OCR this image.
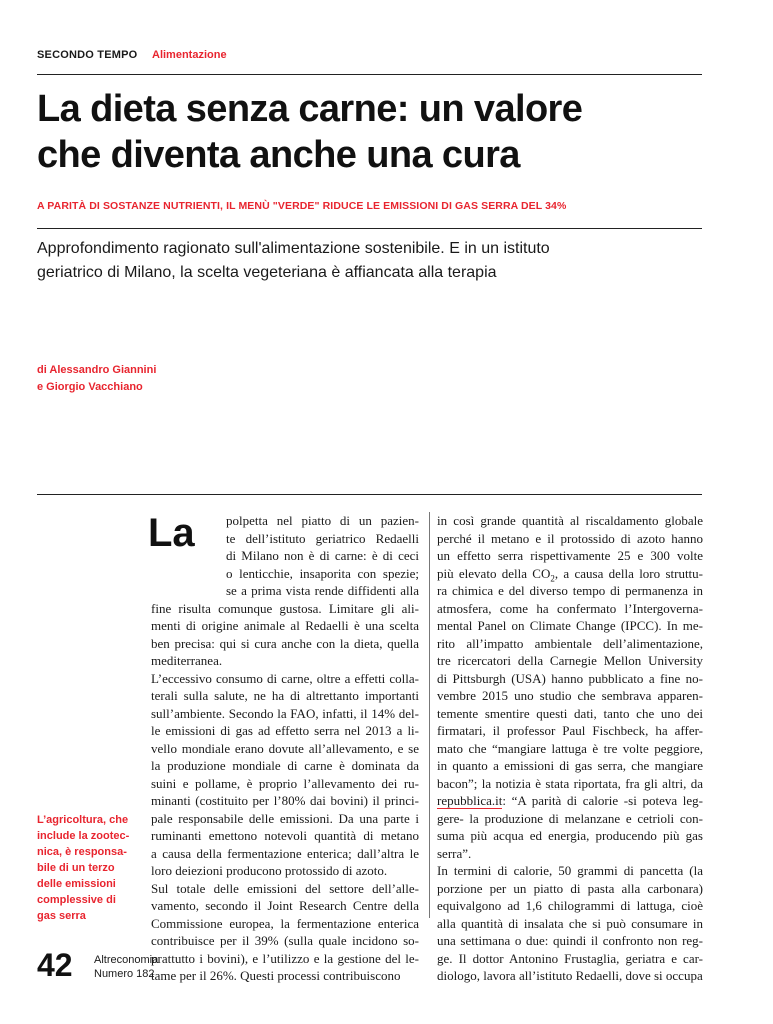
SECONDO TEMPO Alimentazione
La dieta senza carne: un valore
che diventa anche una cura
A PARITÀ DI SOSTANZE NUTRIENTI, IL MENÙ "VERDE" RIDUCE LE EMISSIONI DI GAS SERRA DEL 34%

Approfondimento ragionato sull'alimentazione sostenibile. E in un istituto
geriatrico di Milano, la scelta vegeteriana è affiancata alla terapia

di Alessandro Giannini
e Giorgio Vacchiano
La polpetta nel piatto di un pazien-
te dell’istituto geriatrico Redaelli
di Milano non è di carne: è di ceci
o lenticchie, insaporita con spezie;
se a prima vista rende diffidenti alla
fine risulta comunque gustosa. Limitare gli ali-
menti di origine animale al Redaelli è una scelta
ben precisa: qui si cura anche con la dieta, quella
mediterranea.
L’eccessivo consumo di carne, oltre a effetti colla-
terali sulla salute, ne ha di altrettanto importanti
sull’ambiente. Secondo la FAO, infatti, il 14% del-
le emissioni di gas ad effetto serra nel 2013 a li-
vello mondiale erano dovute all’allevamento, e se
la produzione mondiale di carne è dominata da
suini e pollame, è proprio l’allevamento dei ru-
minanti (costituito per l’80% dai bovini) il princi-
pale responsabile delle emissioni. Da una parte i
ruminanti emettono notevoli quantità di metano
a causa della fermentazione enterica; dall’altra le
loro deiezioni producono protossido di azoto.
Sul totale delle emissioni del settore dell’alle-
vamento, secondo il Joint Research Centre della
Commissione europea, la fermentazione enterica
contribuisce per il 39% (sulla quale incidono so-
prattutto i bovini), e l’utilizzo e la gestione del le-
tame per il 26%. Questi processi contribuiscono
in così grande quantità al riscaldamento globale
perché il metano e il protossido di azoto hanno
un effetto serra rispettivamente 25 e 300 volte
più elevato della $CO_2$, a causa della loro struttu-
ra chimica e del diverso tempo di permanenza in
atmosfera, come ha confermato l’Intergoverna-
mental Panel on Climate Change (IPCC). In me-
rito all’impatto ambientale dell’alimentazione,
tre ricercatori della Carnegie Mellon University
di Pittsburgh (USA) hanno pubblicato a fine no-
vembre 2015 uno studio che sembrava apparen-
temente smentire questi dati, tanto che uno dei
firmatari, il professor Paul Fischbeck, ha affer-
mato che “mangiare lattuga è tre volte peggiore,
in quanto a emissioni di gas serra, che mangiare
bacon”; la notizia è stata riportata, fra gli altri, da
repubblica.it: “A parità di calorie -si poteva leg-
gere- la produzione di melanzane e cetrioli con-
suma più acqua ed energia, producendo più gas
serra”.
In termini di calorie, 50 grammi di pancetta (la
porzione per un piatto di pasta alla carbonara)
equivalgono ad 1,6 chilogrammi di lattuga, cioè
alla quantità di insalata che si può consumare in
una settimana o due: quindi il confronto non reg-
ge. Il dottor Antonino Frustaglia, geriatra e car-
diologo, lavora all’istituto Redaelli, dove si occupa
L’agricoltura, che
include la zootec-
nica, è responsa-
bile di un terzo
delle emissioni
complessive di
gas serra
42 Altreconomia
Numero 182
